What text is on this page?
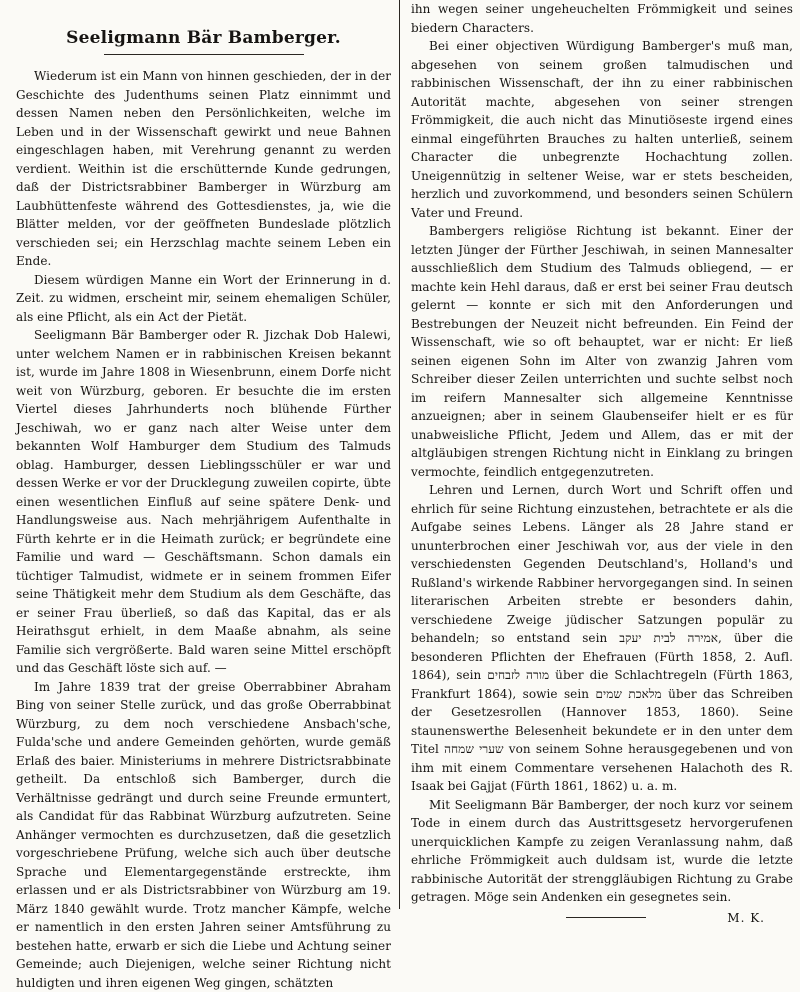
Seeligmann Bär Bamberger.

Wiederum ist ein Mann von hinnen geschieden, der in der Geschichte des Judenthums seinen Platz einnimmt und dessen Namen neben den Persönlichkeiten, welche im Leben und in der Wissenschaft gewirkt und neue Bahnen eingeschlagen haben, mit Verehrung genannt zu werden verdient. Weithin ist die erschütternde Kunde gedrungen, daß der Districtsrabbiner Bamberger in Würzburg am Laubhüttenfeste während des Gottesdienstes, ja, wie die Blätter melden, vor der geöffneten Bundeslade plötzlich verschieden sei; ein Herzschlag machte seinem Leben ein Ende.

Diesem würdigen Manne ein Wort der Erinnerung in d. Zeit. zu widmen, erscheint mir, seinem ehemaligen Schüler, als eine Pflicht, als ein Act der Pietät.

Seeligmann Bär Bamberger oder R. Jizchak Dob Halewi, unter welchem Namen er in rabbinischen Kreisen bekannt ist, wurde im Jahre 1808 in Wiesenbrunn, einem Dorfe nicht weit von Würzburg, geboren. Er besuchte die im ersten Viertel dieses Jahrhunderts noch blühende Fürther Jeschiwah, wo er ganz nach alter Weise unter dem bekannten Wolf Hamburger dem Studium des Talmuds oblag. Hamburger, dessen Lieblingsschüler er war und dessen Werke er vor der Drucklegung zuweilen copirte, übte einen wesentlichen Einfluß auf seine spätere Denk- und Handlungsweise aus. Nach mehrjährigem Aufenthalte in Fürth kehrte er in die Heimath zurück; er begründete eine Familie und ward — Geschäftsmann. Schon damals ein tüchtiger Talmudist, widmete er in seinem frommen Eifer seine Thätigkeit mehr dem Studium als dem Geschäfte, das er seiner Frau überließ, so daß das Kapital, das er als Heirathsgut erhielt, in dem Maaße abnahm, als seine Familie sich vergrößerte. Bald waren seine Mittel erschöpft und das Geschäft löste sich auf. —

Im Jahre 1839 trat der greise Oberrabbiner Abraham Bing von seiner Stelle zurück, und das große Oberrabbinat Würzburg, zu dem noch verschiedene Ansbach'sche, Fulda'sche und andere Gemeinden gehörten, wurde gemäß Erlaß des baier. Ministeriums in mehrere Districtsrabbinate getheilt. Da entschloß sich Bamberger, durch die Verhältnisse gedrängt und durch seine Freunde ermuntert, als Candidat für das Rabbinat Würzburg aufzutreten. Seine Anhänger vermochten es durchzusetzen, daß die gesetzlich vorgeschriebene Prüfung, welche sich auch über deutsche Sprache und Elementargegenstände erstreckte, ihm erlassen und er als Districtsrabbiner von Würzburg am 19. März 1840 gewählt wurde. Trotz mancher Kämpfe, welche er namentlich in den ersten Jahren seiner Amtsführung zu bestehen hatte, erwarb er sich die Liebe und Achtung seiner Gemeinde; auch Diejenigen, welche seiner Richtung nicht huldigten und ihren eigenen Weg gingen, schätzten

ihn wegen seiner ungeheuchelten Frömmigkeit und seines biedern Characters.

Bei einer objectiven Würdigung Bamberger's muß man, abgesehen von seinem großen talmudischen und rabbinischen Wissenschaft, der ihn zu einer rabbinischen Autorität machte, abgesehen von seiner strengen Frömmigkeit, die auch nicht das Minutiöseste irgend eines einmal eingeführten Brauches zu halten unterließ, seinem Character die unbegrenzte Hochachtung zollen. Uneigennützig in seltener Weise, war er stets bescheiden, herzlich und zuvorkommend, und besonders seinen Schülern Vater und Freund.

Bambergers religiöse Richtung ist bekannt. Einer der letzten Jünger der Fürther Jeschiwah, in seinen Mannesalter ausschließlich dem Studium des Talmuds obliegend, — er machte kein Hehl daraus, daß er erst bei seiner Frau deutsch gelernt — konnte er sich mit den Anforderungen und Bestrebungen der Neuzeit nicht befreunden. Ein Feind der Wissenschaft, wie so oft behauptet, war er nicht: Er ließ seinen eigenen Sohn im Alter von zwanzig Jahren vom Schreiber dieser Zeilen unterrichten und suchte selbst noch im reifern Mannesalter sich allgemeine Kenntnisse anzueignen; aber in seinem Glaubenseifer hielt er es für unabweisliche Pflicht, Jedem und Allem, das er mit der altgläubigen strengen Richtung nicht in Einklang zu bringen vermochte, feindlich entgegenzutreten.

Lehren und Lernen, durch Wort und Schrift offen und ehrlich für seine Richtung einzustehen, betrachtete er als die Aufgabe seines Lebens. Länger als 28 Jahre stand er ununterbrochen einer Jeschiwah vor, aus der viele in den verschiedensten Gegenden Deutschland's, Holland's und Rußland's wirkende Rabbiner hervorgegangen sind. In seinen literarischen Arbeiten strebte er besonders dahin, verschiedene Zweige jüdischer Satzungen populär zu behandeln; so entstand sein אמירה לבית יעקב, über die besonderen Pflichten der Ehefrauen (Fürth 1858, 2. Aufl. 1864), sein מורה לזבחים über die Schlachtregeln (Fürth 1863, Frankfurt 1864), sowie sein מלאכת שמים über das Schreiben der Gesetzesrollen (Hannover 1853, 1860). Seine staunenswerthe Belesenheit bekundete er in den unter dem Titel שערי שמחה von seinem Sohne herausgegebenen und von ihm mit einem Commentare versehenen Halachoth des R. Isaak bei Gajjat (Fürth 1861, 1862) u. a. m.

Mit Seeligmann Bär Bamberger, der noch kurz vor seinem Tode in einem durch das Austrittsgesetz hervorgerufenen unerquicklichen Kampfe zu zeigen Veranlassung nahm, daß ehrliche Frömmigkeit auch duldsam ist, wurde die letzte rabbinische Autorität der strenggläubigen Richtung zu Grabe getragen. Möge sein Andenken ein gesegnetes sein.

M. K.
